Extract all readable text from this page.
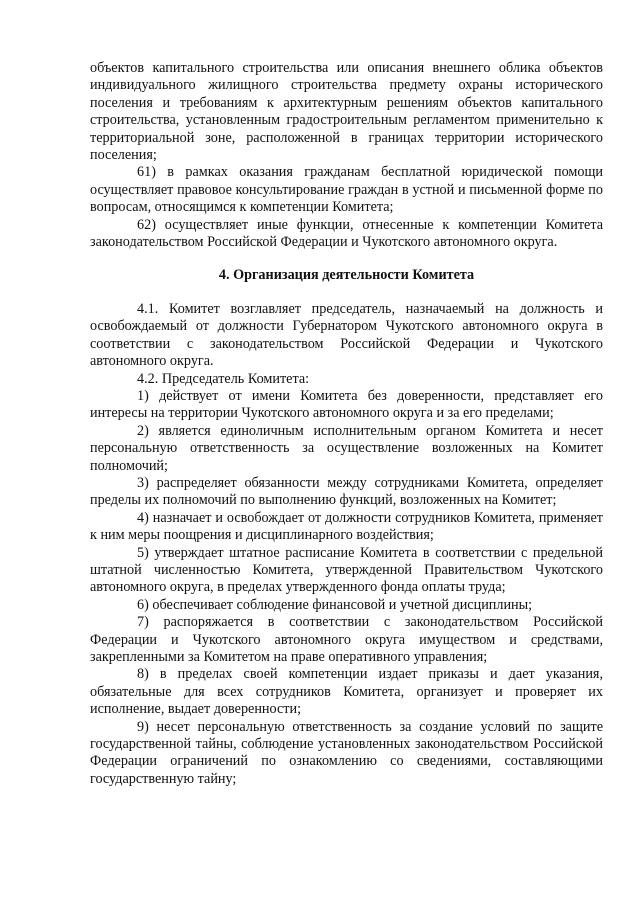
объектов капитального строительства или описания внешнего облика объектов индивидуального жилищного строительства предмету охраны исторического поселения и требованиям к архитектурным решениям объектов капитального строительства, установленным градостроительным регламентом применительно к территориальной зоне, расположенной в границах территории исторического поселения;

61) в рамках оказания гражданам бесплатной юридической помощи осуществляет правовое консультирование граждан в устной и письменной форме по вопросам, относящимся к компетенции Комитета;

62) осуществляет иные функции, отнесенные к компетенции Комитета законодательством Российской Федерации и Чукотского автономного округа.

4. Организация деятельности Комитета

4.1. Комитет возглавляет председатель, назначаемый на должность и освобождаемый от должности Губернатором Чукотского автономного округа в соответствии с законодательством Российской Федерации и Чукотского автономного округа.

4.2. Председатель Комитета:

1) действует от имени Комитета без доверенности, представляет его интересы на территории Чукотского автономного округа и за его пределами;

2) является единоличным исполнительным органом Комитета и несет персональную ответственность за осуществление возложенных на Комитет полномочий;

3) распределяет обязанности между сотрудниками Комитета, определяет пределы их полномочий по выполнению функций, возложенных на Комитет;

4) назначает и освобождает от должности сотрудников Комитета, применяет к ним меры поощрения и дисциплинарного воздействия;

5) утверждает штатное расписание Комитета в соответствии с предельной штатной численностью Комитета, утвержденной Правительством Чукотского автономного округа, в пределах утвержденного фонда оплаты труда;

6) обеспечивает соблюдение финансовой и учетной дисциплины;

7) распоряжается в соответствии с законодательством Российской Федерации и Чукотского автономного округа имуществом и средствами, закрепленными за Комитетом на праве оперативного управления;

8) в пределах своей компетенции издает приказы и дает указания, обязательные для всех сотрудников Комитета, организует и проверяет их исполнение, выдает доверенности;

9) несет персональную ответственность за создание условий по защите государственной тайны, соблюдение установленных законодательством Российской Федерации ограничений по ознакомлению со сведениями, составляющими государственную тайну;
